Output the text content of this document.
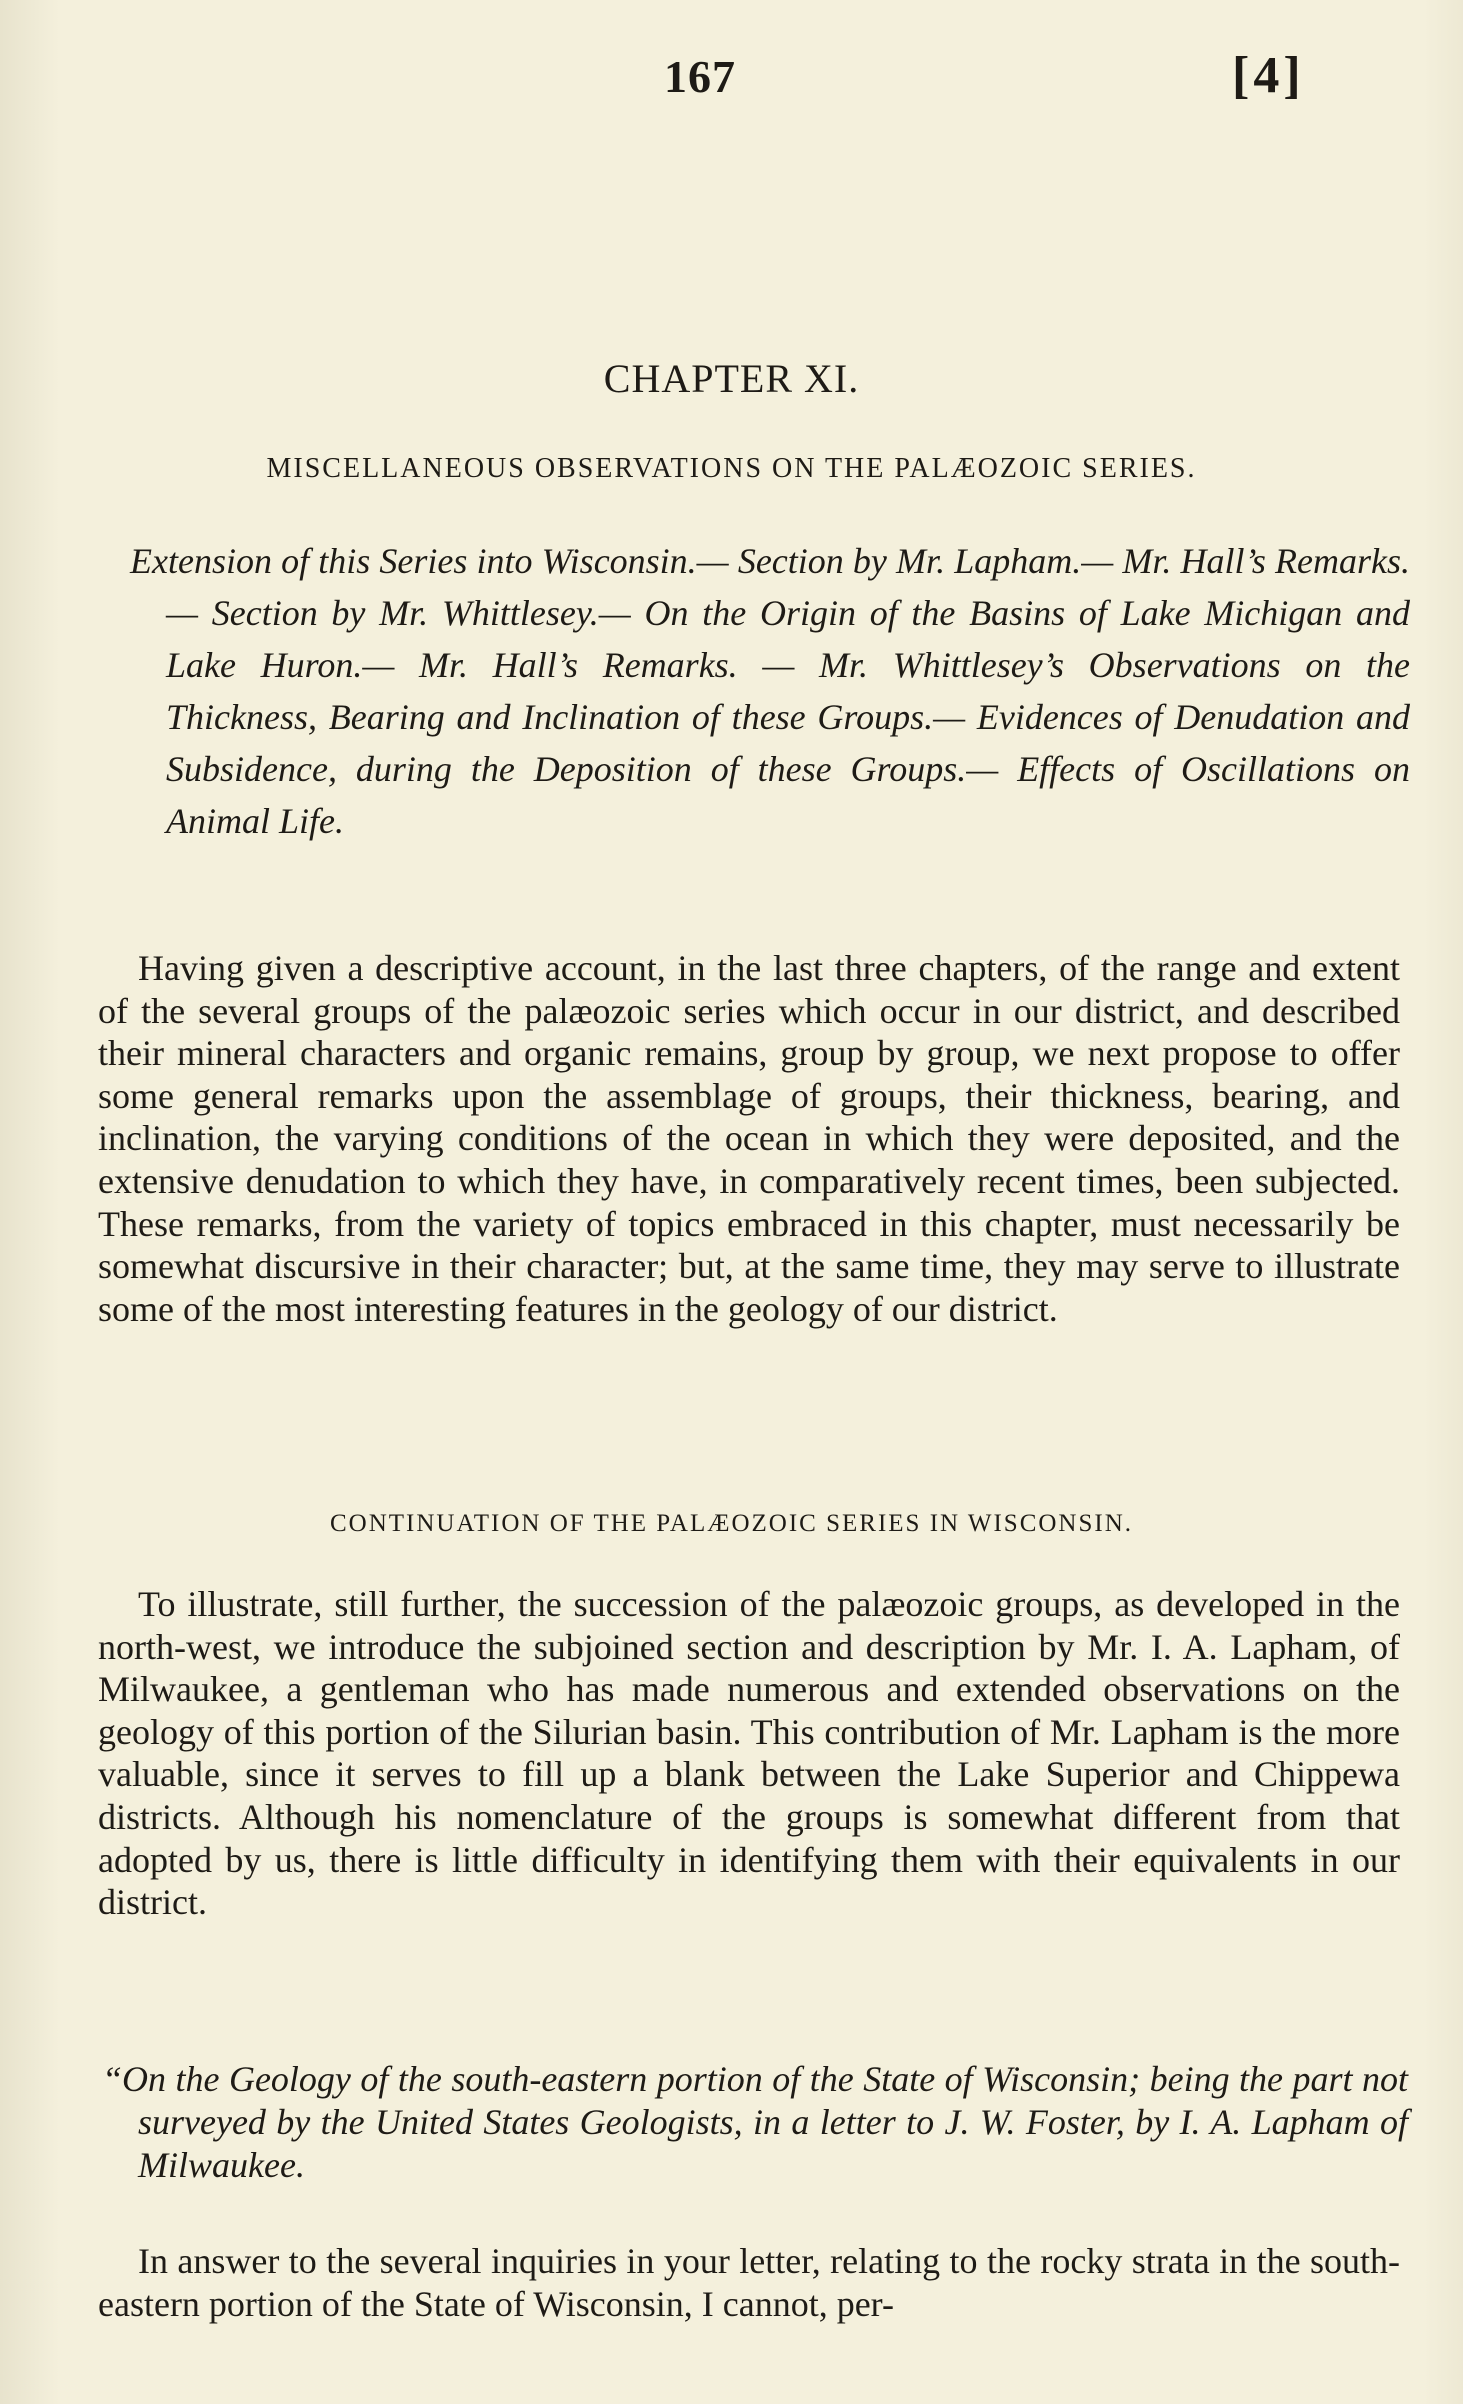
167	[4]
CHAPTER XI.
MISCELLANEOUS OBSERVATIONS ON THE PALÆOZOIC SERIES.
Extension of this Series into Wisconsin.— Section by Mr. Lapham.— Mr. Hall’s Remarks.— Section by Mr. Whittlesey.— On the Origin of the Basins of Lake Michigan and Lake Huron.— Mr. Hall’s Remarks. — Mr. Whittlesey’s Observations on the Thickness, Bearing and Inclination of these Groups.— Evidences of Denudation and Subsidence, during the Deposition of these Groups.— Effects of Oscillations on Animal Life.
Having given a descriptive account, in the last three chapters, of the range and extent of the several groups of the palæozoic series which occur in our district, and described their mineral characters and organic remains, group by group, we next propose to offer some general remarks upon the assemblage of groups, their thickness, bearing, and inclination, the varying conditions of the ocean in which they were deposited, and the extensive denudation to which they have, in comparatively recent times, been subjected. These remarks, from the variety of topics embraced in this chapter, must necessarily be somewhat discursive in their character; but, at the same time, they may serve to illustrate some of the most interesting features in the geology of our district.
CONTINUATION OF THE PALÆOZOIC SERIES IN WISCONSIN.
To illustrate, still further, the succession of the palæozoic groups, as developed in the north-west, we introduce the subjoined section and description by Mr. I. A. Lapham, of Milwaukee, a gentleman who has made numerous and extended observations on the geology of this portion of the Silurian basin. This contribution of Mr. Lapham is the more valuable, since it serves to fill up a blank between the Lake Superior and Chippewa districts. Although his nomenclature of the groups is somewhat different from that adopted by us, there is little difficulty in identifying them with their equivalents in our district.
“On the Geology of the south-eastern portion of the State of Wisconsin; being the part not surveyed by the United States Geologists, in a letter to J. W. Foster, by I. A. Lapham of Milwaukee.
In answer to the several inquiries in your letter, relating to the rocky strata in the south-eastern portion of the State of Wisconsin, I cannot, per-
